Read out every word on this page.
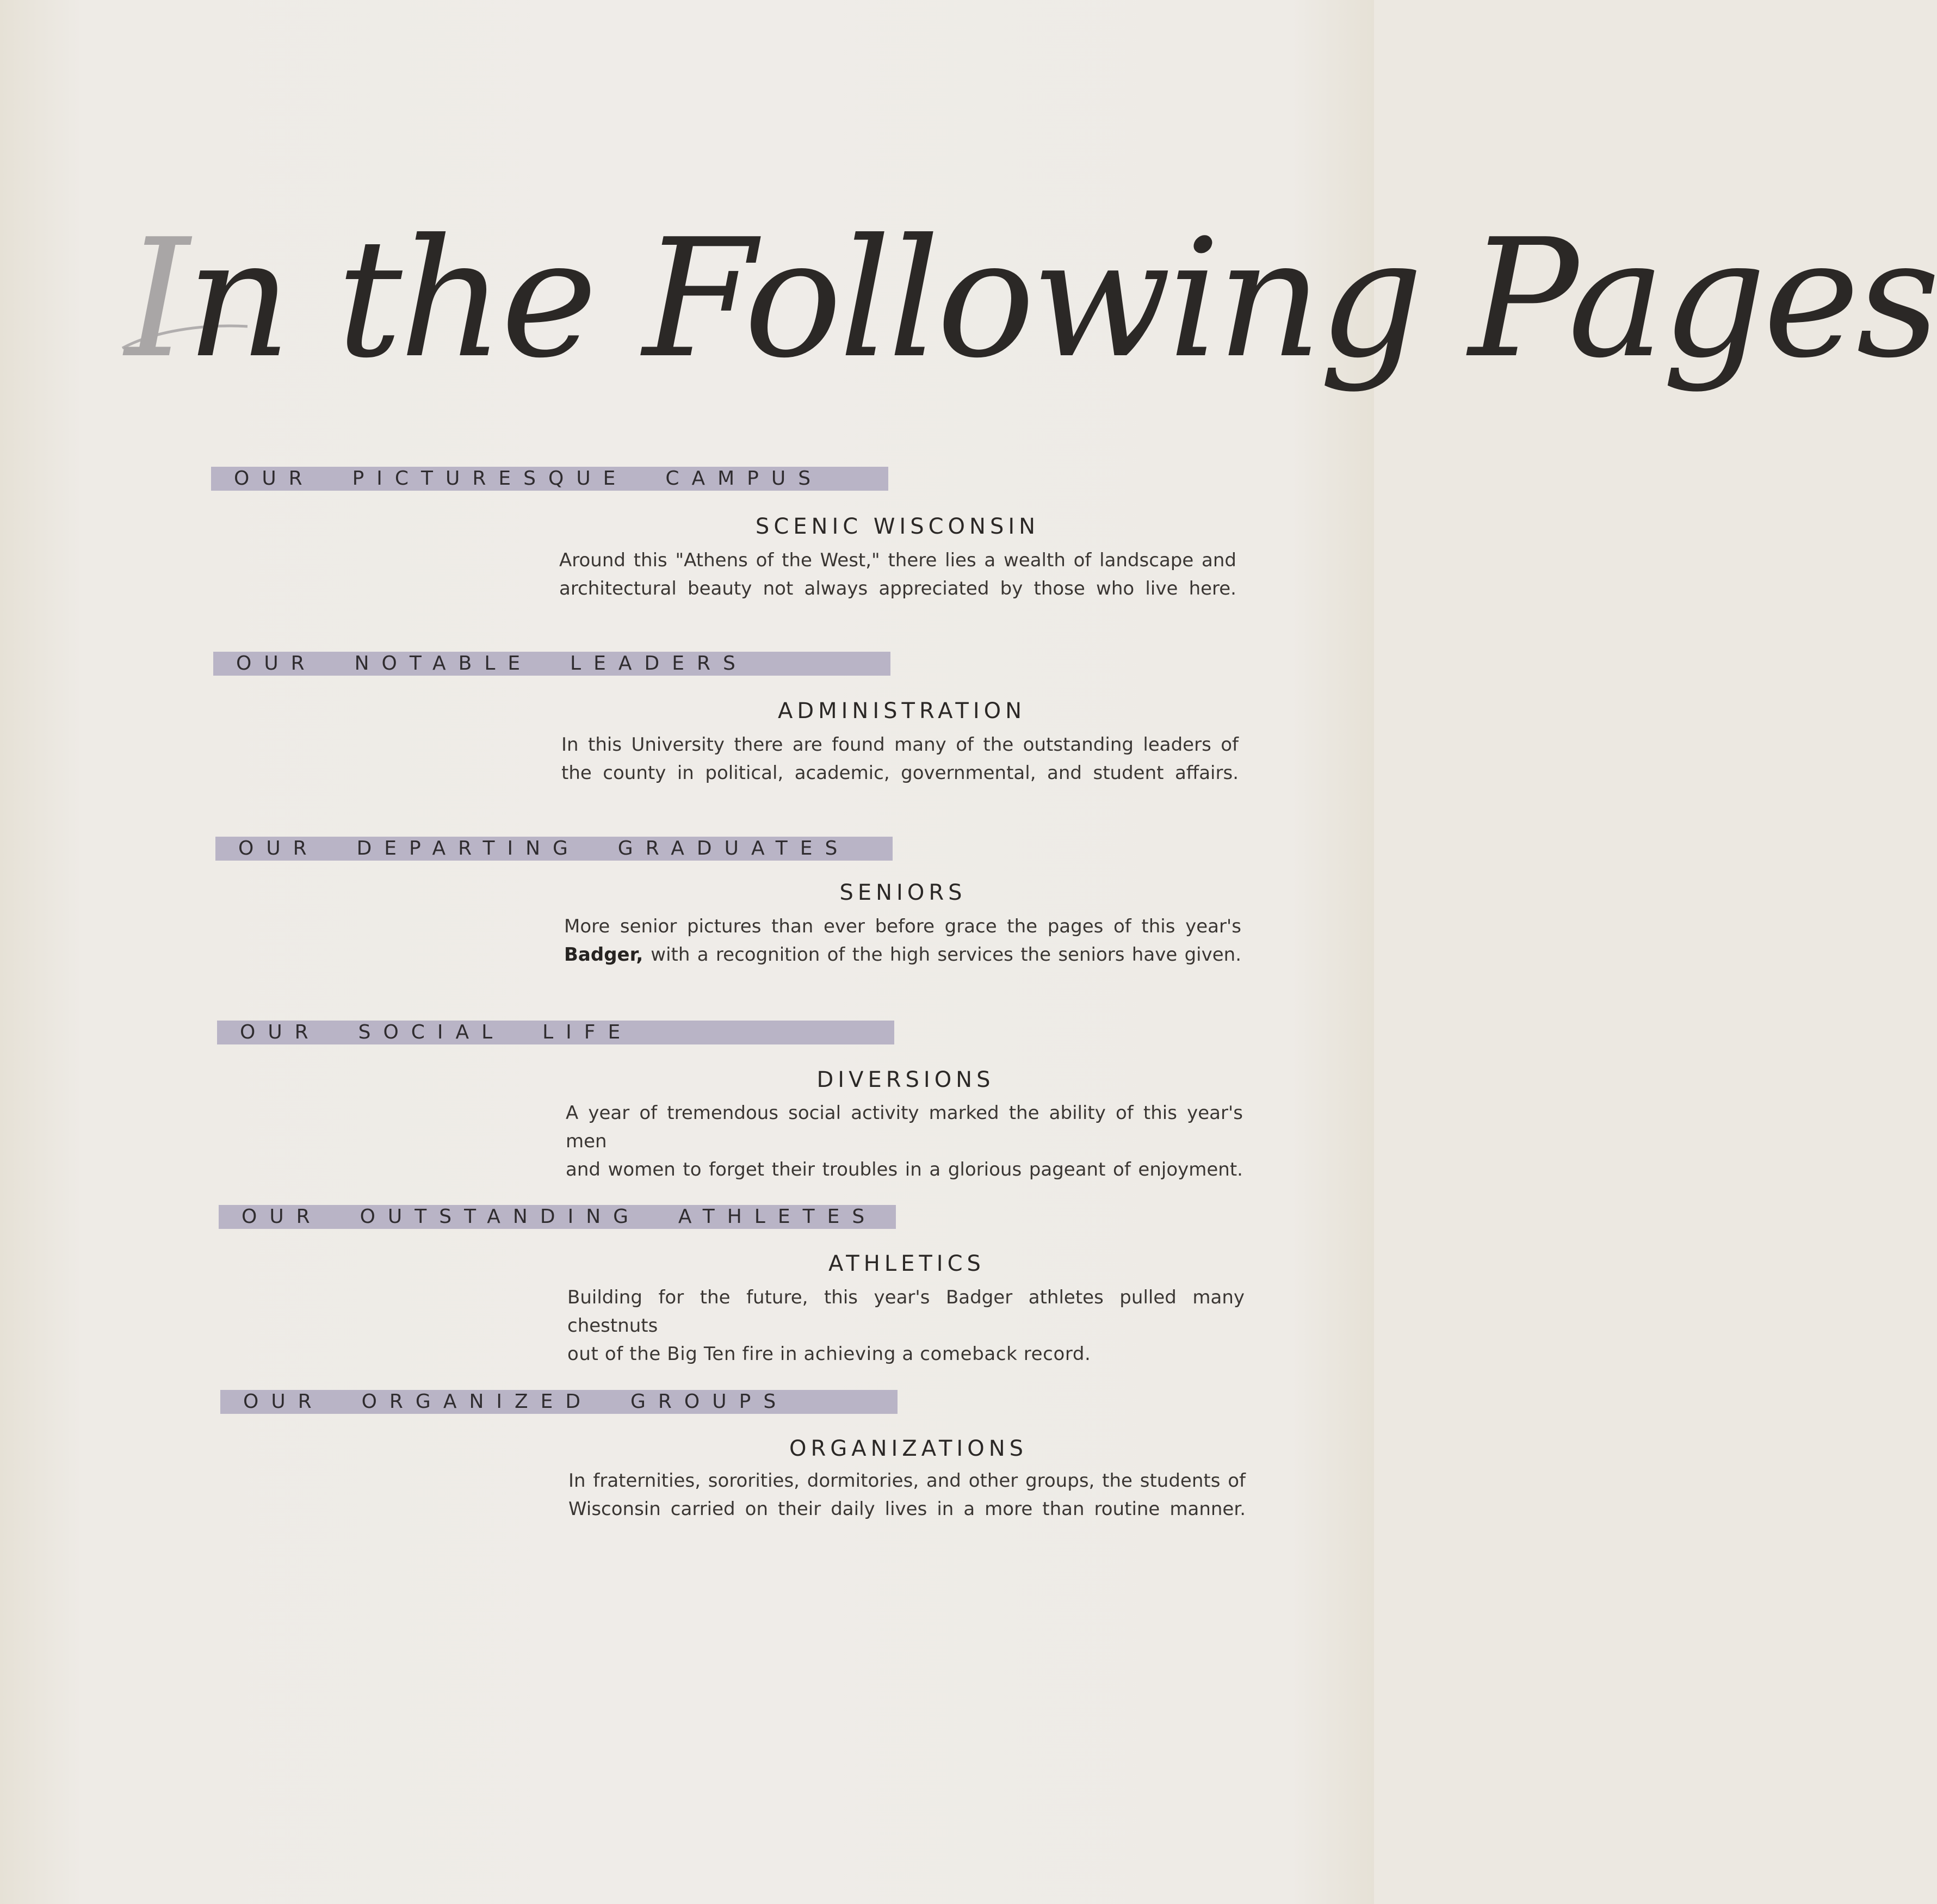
In the Following Pages
OUR  PICTURESQUE  CAMPUS
SCENIC WISCONSIN
Around this "Athens of the West," there lies a wealth of landscape and
architectural beauty not always appreciated by those who live here.
OUR  NOTABLE  LEADERS
ADMINISTRATION
In this University there are found many of the outstanding leaders of
the county in political, academic, governmental, and student affairs.
OUR  DEPARTING  GRADUATES
SENIORS
More senior pictures than ever before grace the pages of this year's
Badger, with a recognition of the high services the seniors have given.
OUR  SOCIAL  LIFE
DIVERSIONS
A year of tremendous social activity marked the ability of this year's men
and women to forget their troubles in a glorious pageant of enjoyment.
OUR  OUTSTANDING  ATHLETES
ATHLETICS
Building for the future, this year's Badger athletes pulled many chestnuts
out of the Big Ten fire in achieving a comeback record.
OUR  ORGANIZED  GROUPS
ORGANIZATIONS
In fraternities, sororities, dormitories, and other groups, the students of
Wisconsin carried on their daily lives in a more than routine manner.
